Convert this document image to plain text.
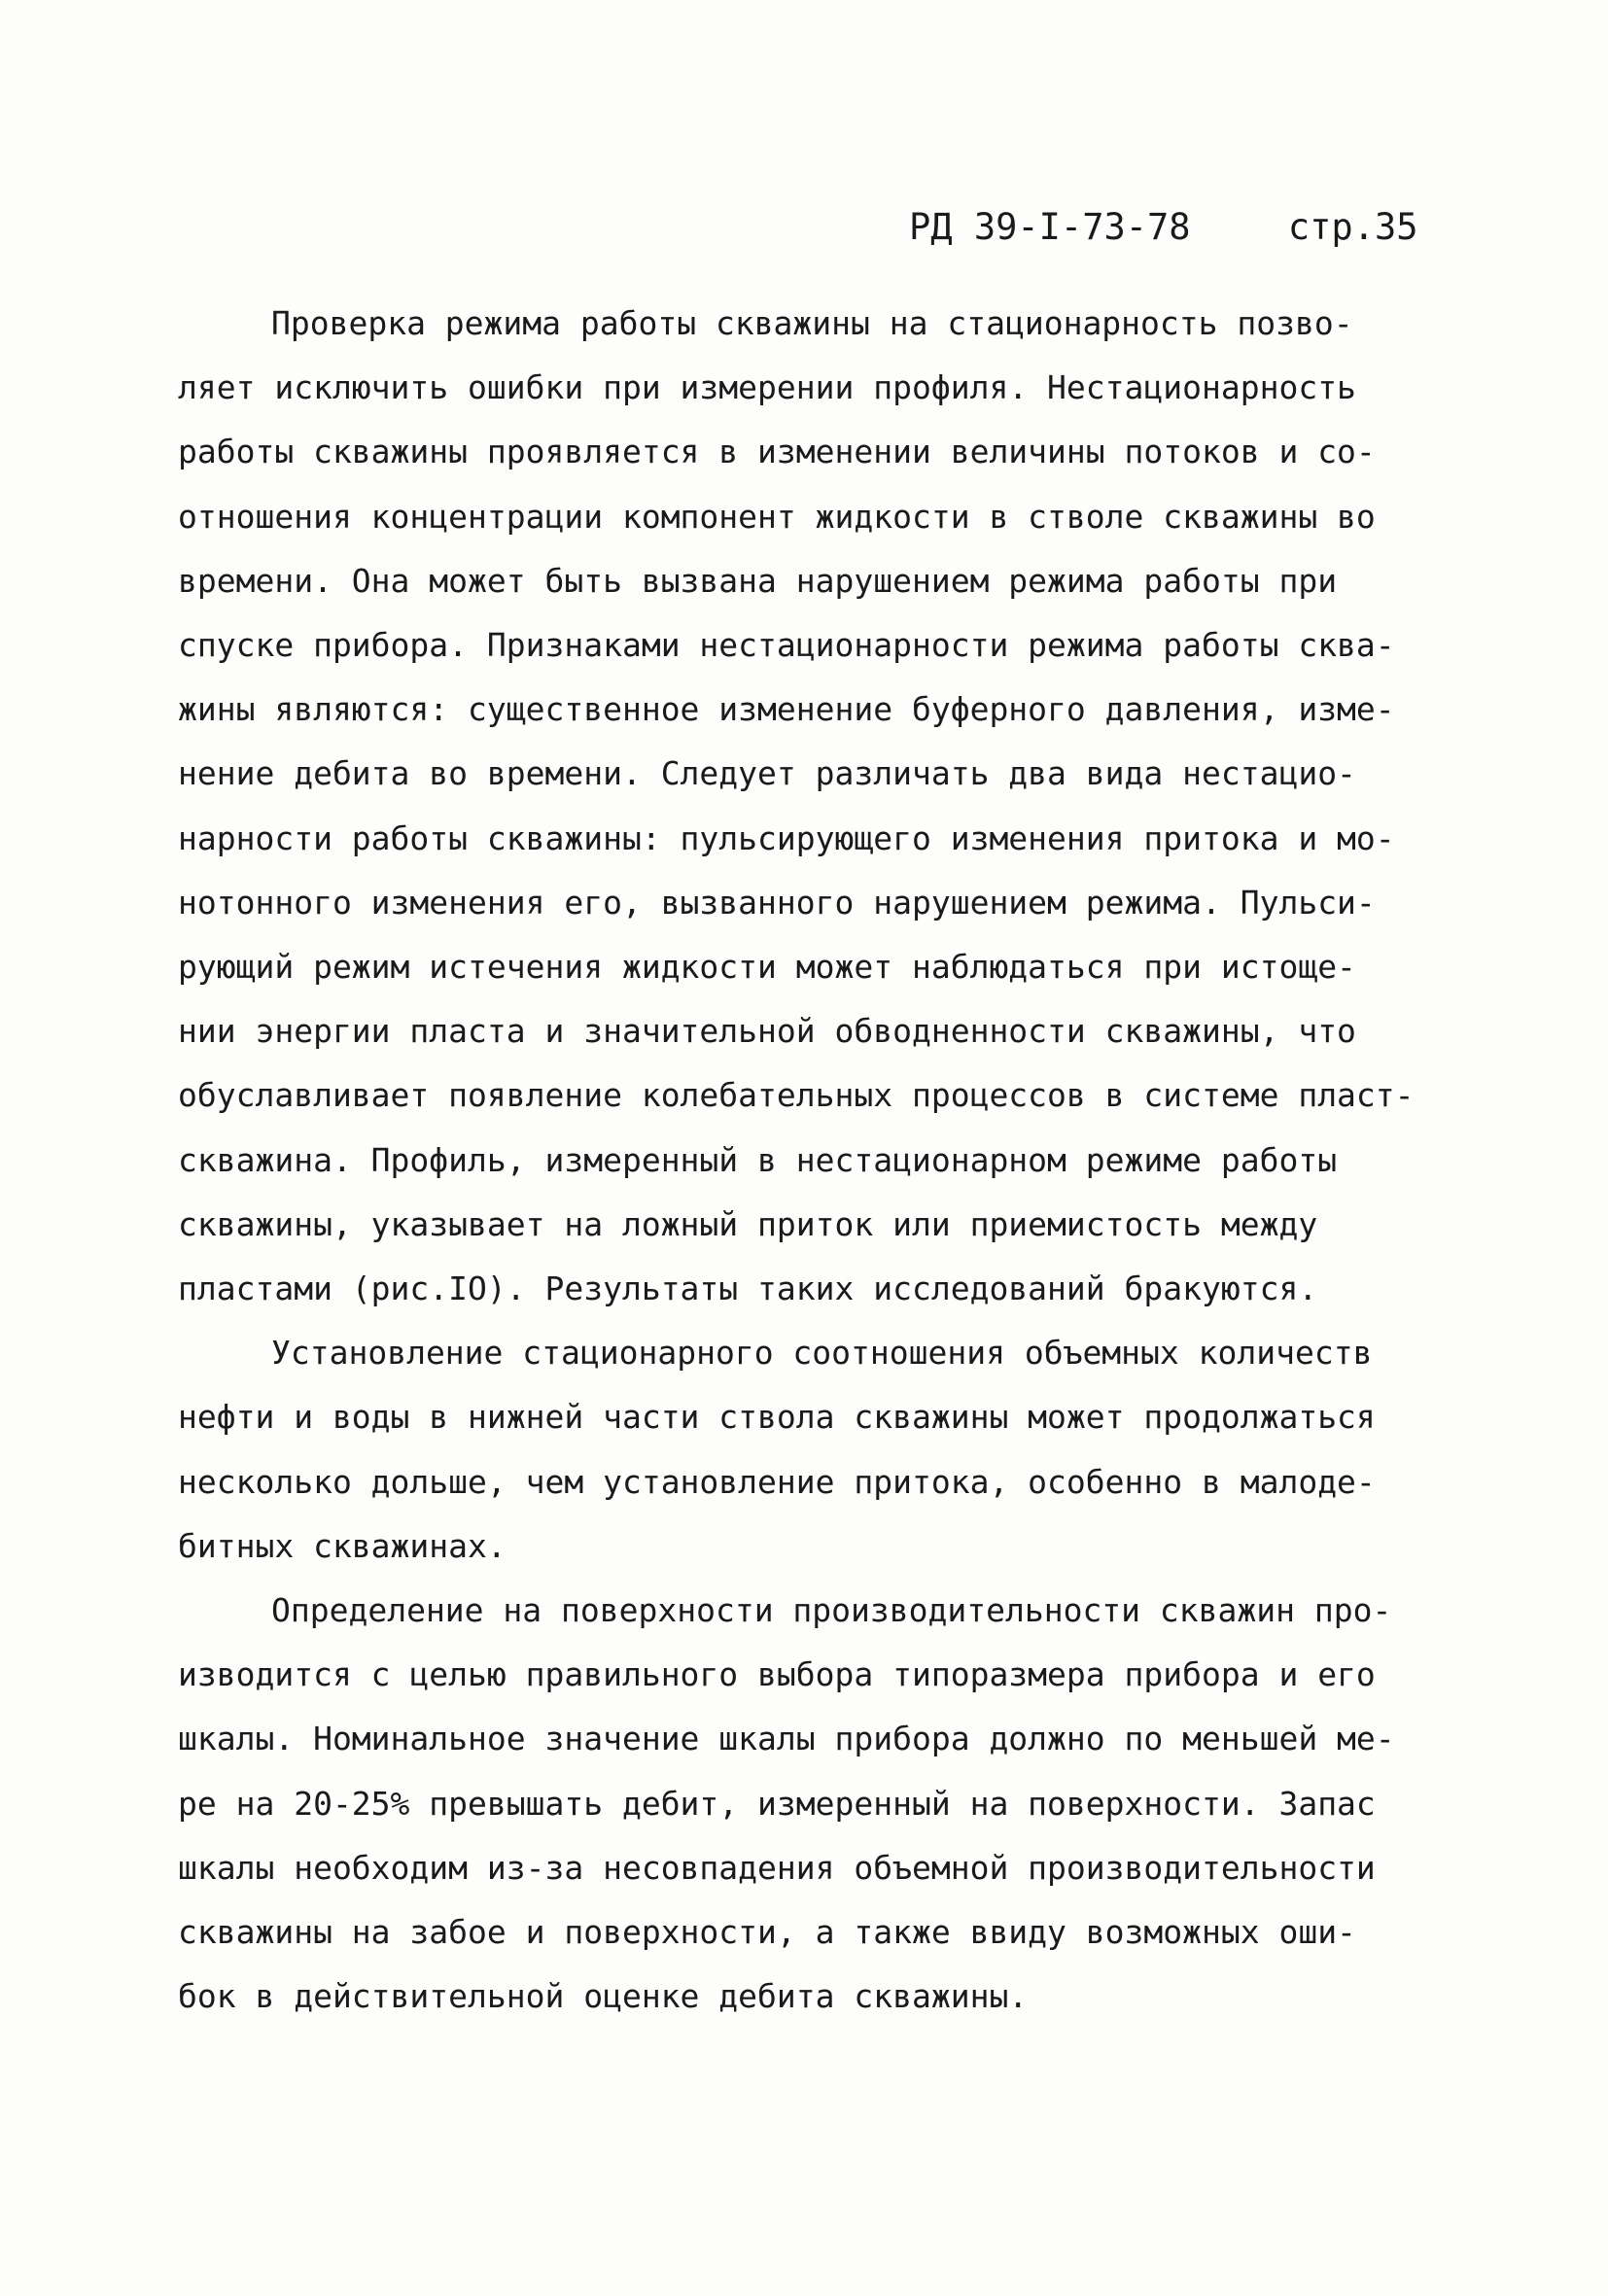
РД 39-I-73-78	стр.35
Проверка режима работы скважины на стационарность позво-
ляет исключить ошибки при измерении профиля. Нестационарность
работы скважины проявляется в изменении величины потоков и со-
отношения концентрации компонент жидкости в стволе скважины во
времени. Она может быть вызвана нарушением режима работы при
спуске прибора. Признаками нестационарности режима работы сква-
жины являются: существенное изменение буферного давления, изме-
нение дебита во времени. Следует различать два вида нестацио-
нарности работы скважины: пульсирующего изменения притока и мо-
нотонного изменения его, вызванного нарушением режима. Пульси-
рующий режим истечения жидкости может наблюдаться при истоще-
нии энергии пласта и значительной обводненности скважины, что
обуславливает появление колебательных процессов в системе пласт-
скважина. Профиль, измеренный в нестационарном режиме работы
скважины, указывает на ложный приток или приемистость между
пластами (рис.IO). Результаты таких исследований бракуются.
Установление стационарного соотношения объемных количеств
нефти и воды в нижней части ствола скважины может продолжаться
несколько дольше, чем установление притока, особенно в малоде-
битных скважинах.
Определение на поверхности производительности скважин про-
изводится с целью правильного выбора типоразмера прибора и его
шкалы. Номинальное значение шкалы прибора должно по меньшей ме-
ре на 20-25% превышать дебит, измеренный на поверхности. Запас
шкалы необходим из-за несовпадения объемной производительности
скважины на забое и поверхности, а также ввиду возможных оши-
бок в действительной оценке дебита скважины.
